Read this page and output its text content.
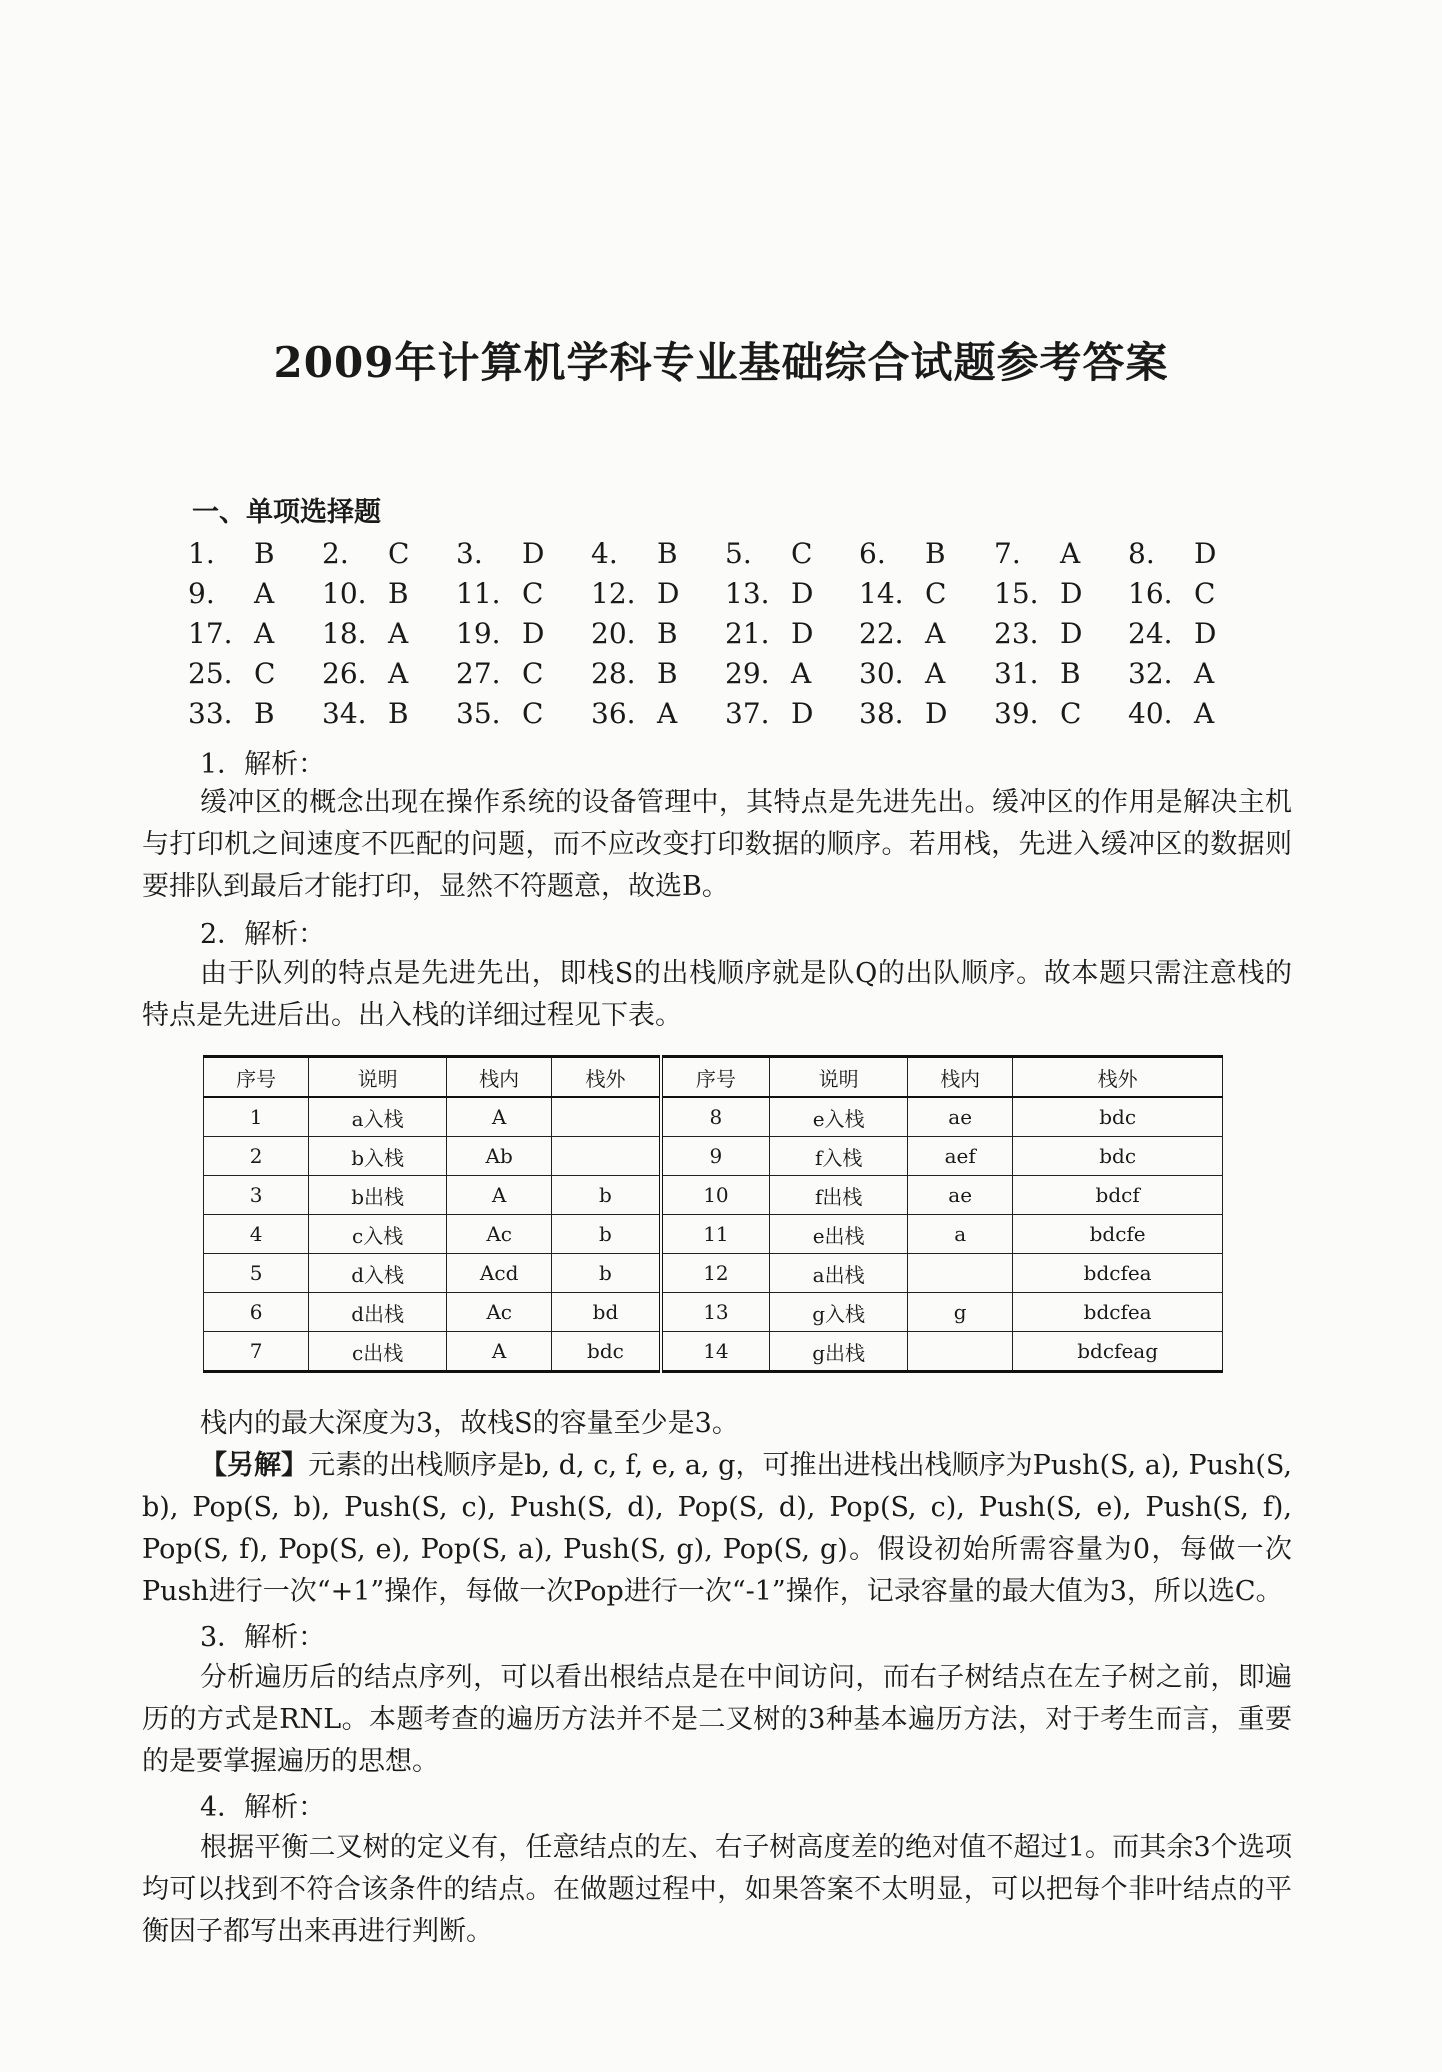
2009年计算机学科专业基础综合试题参考答案
一、单项选择题
1. B	2. C	3. D	4. B	5. C	6. B	7. A	8. D
9. A	10. B	11. C	12. D	13. D	14. C	15. D	16. C
17. A	18. A	19. D	20. B	21. D	22. A	23. D	24. D
25. C	26. A	27. C	28. B	29. A	30. A	31. B	32. A
33. B	34. B	35. C	36. A	37. D	38. D	39. C	40. A
1．解析：
缓冲区的概念出现在操作系统的设备管理中，其特点是先进先出。缓冲区的作用是解决主机与打印机之间速度不匹配的问题，而不应改变打印数据的顺序。若用栈，先进入缓冲区的数据则要排队到最后才能打印，显然不符题意，故选B。
2．解析：
由于队列的特点是先进先出，即栈S的出栈顺序就是队Q的出队顺序。故本题只需注意栈的特点是先进后出。出入栈的详细过程见下表。
序号	说明	栈内	栈外	序号	说明	栈内	栈外
1	a入栈	A		8	e入栈	ae	bdc
2	b入栈	Ab		9	f入栈	aef	bdc
3	b出栈	A	b	10	f出栈	ae	bdcf
4	c入栈	Ac	b	11	e出栈	a	bdcfe
5	d入栈	Acd	b	12	a出栈		bdcfea
6	d出栈	Ac	bd	13	g入栈	g	bdcfea
7	c出栈	A	bdc	14	g出栈		bdcfeag
栈内的最大深度为3，故栈S的容量至少是3。
【另解】元素的出栈顺序是b, d, c, f, e, a, g，可推出进栈出栈顺序为Push(S, a), Push(S, b), Pop(S, b), Push(S, c), Push(S, d), Pop(S, d), Pop(S, c), Push(S, e), Push(S, f), Pop(S, f), Pop(S, e), Pop(S, a), Push(S, g), Pop(S, g)。假设初始所需容量为0，每做一次Push进行一次“+1”操作，每做一次Pop进行一次“-1”操作，记录容量的最大值为3，所以选C。
3．解析：
分析遍历后的结点序列，可以看出根结点是在中间访问，而右子树结点在左子树之前，即遍历的方式是RNL。本题考查的遍历方法并不是二叉树的3种基本遍历方法，对于考生而言，重要的是要掌握遍历的思想。
4．解析：
根据平衡二叉树的定义有，任意结点的左、右子树高度差的绝对值不超过1。而其余3个选项均可以找到不符合该条件的结点。在做题过程中，如果答案不太明显，可以把每个非叶结点的平衡因子都写出来再进行判断。
